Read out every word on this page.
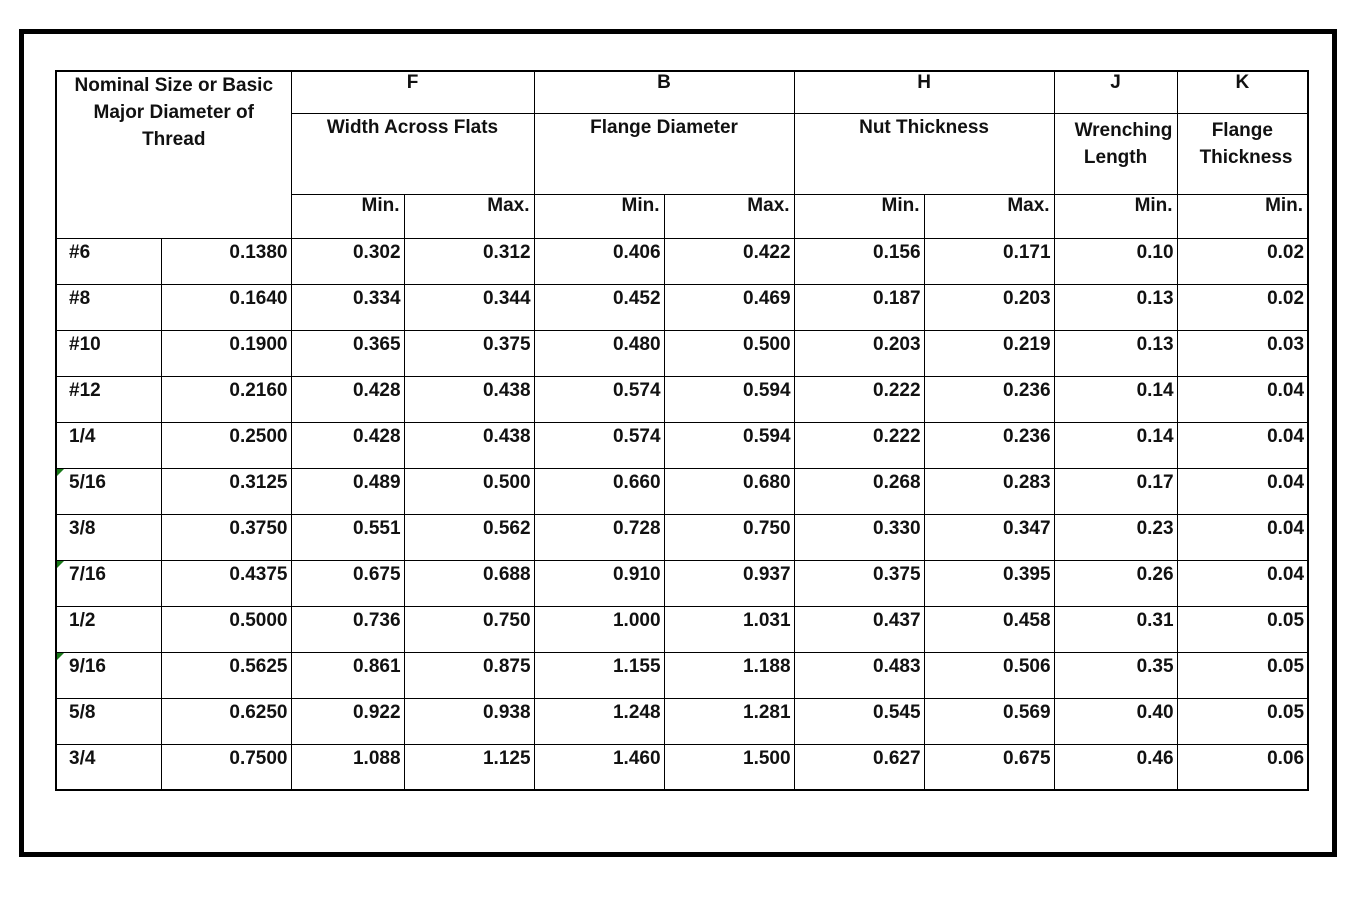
Nominal Size or Basic Major Diameter of Thread		F		B		H		J	K
		Width Across Flats		Flange Diameter		Nut Thickness		Wrenching Length	Flange Thickness
		Min.	Max.	Min.	Max.	Min.	Max.	Min.	Min.
#6	0.1380	0.302	0.312	0.406	0.422	0.156	0.171	0.10	0.02
#8	0.1640	0.334	0.344	0.452	0.469	0.187	0.203	0.13	0.02
#10	0.1900	0.365	0.375	0.480	0.500	0.203	0.219	0.13	0.03
#12	0.2160	0.428	0.438	0.574	0.594	0.222	0.236	0.14	0.04
1/4	0.2500	0.428	0.438	0.574	0.594	0.222	0.236	0.14	0.04

5/16	0.3125	0.489	0.500	0.660	0.680	0.268	0.283	0.17	0.04
3/8	0.3750	0.551	0.562	0.728	0.750	0.330	0.347	0.23	0.04

7/16	0.4375	0.675	0.688	0.910	0.937	0.375	0.395	0.26	0.04
1/2	0.5000	0.736	0.750	1.000	1.031	0.437	0.458	0.31	0.05

9/16	0.5625	0.861	0.875	1.155	1.188	0.483	0.506	0.35	0.05
5/8	0.6250	0.922	0.938	1.248	1.281	0.545	0.569	0.40	0.05
3/4	0.7500	1.088	1.125	1.460	1.500	0.627	0.675	0.46	0.06
